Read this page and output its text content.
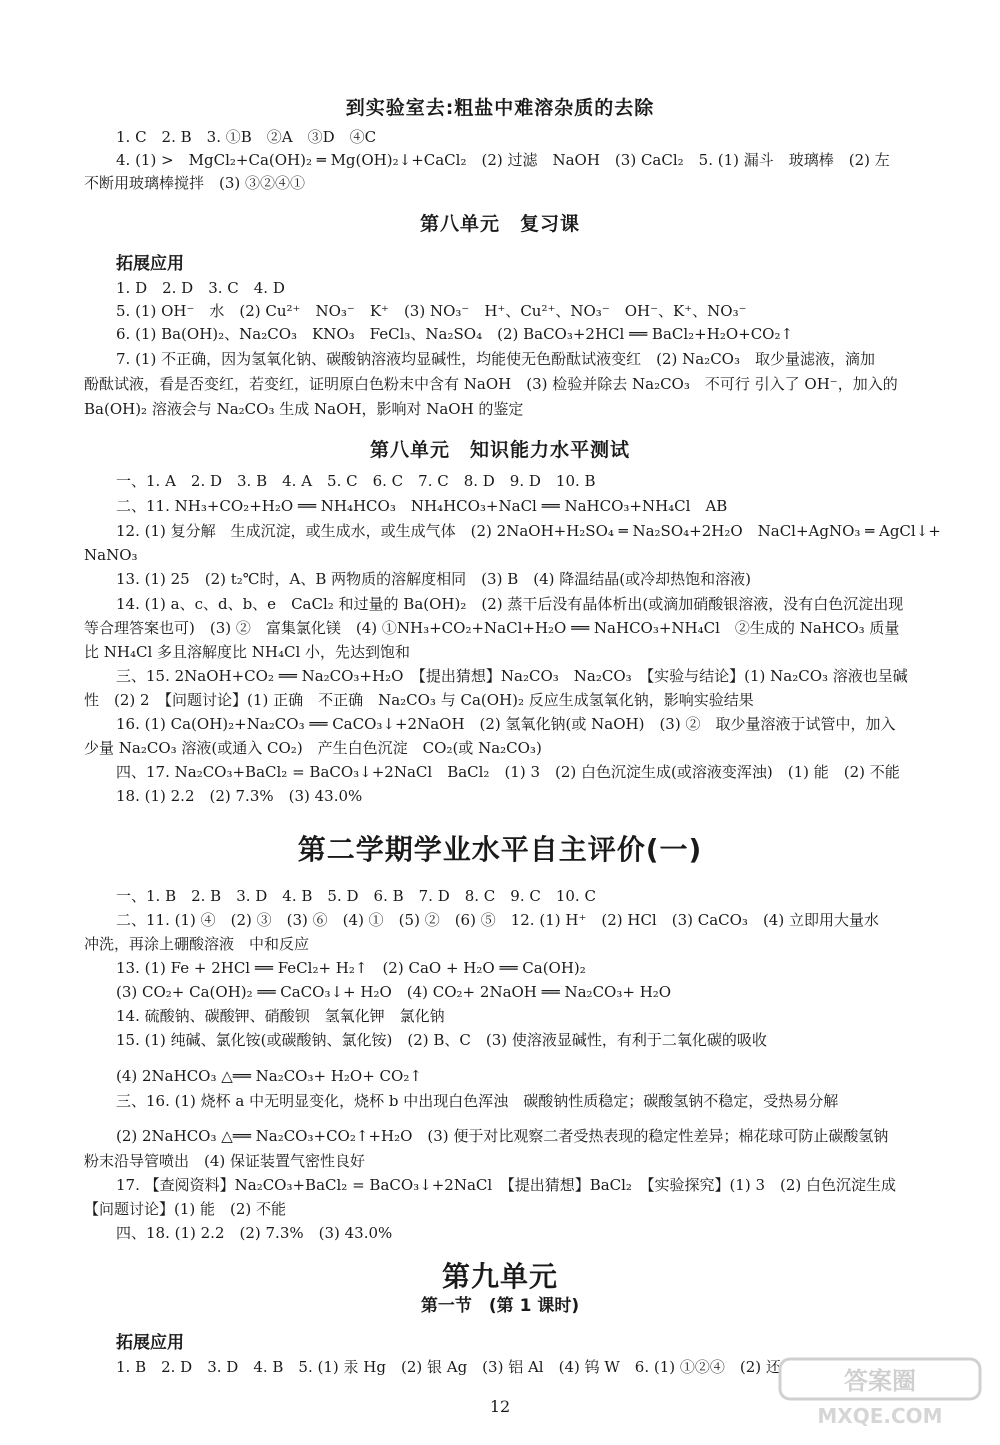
到实验室去:粗盐中难溶杂质的去除
1. C　2. B　3. ①B　②A　③D　④C
4. (1) >　MgCl₂+Ca(OH)₂ ═ Mg(OH)₂↓+CaCl₂　(2) 过滤　NaOH　(3) CaCl₂　5. (1) 漏斗　玻璃棒　(2) 左
不断用玻璃棒搅拌　(3) ③②④①
第八单元　复习课
拓展应用
1. D　2. D　3. C　4. D
5. (1) OH⁻　水　(2) Cu²⁺　NO₃⁻　K⁺　(3) NO₃⁻　H⁺、Cu²⁺、NO₃⁻　OH⁻、K⁺、NO₃⁻
6. (1) Ba(OH)₂、Na₂CO₃　KNO₃　FeCl₃、Na₂SO₄　(2) BaCO₃+2HCl ══ BaCl₂+H₂O+CO₂↑
7. (1) 不正确，因为氢氧化钠、碳酸钠溶液均显碱性，均能使无色酚酞试液变红　(2) Na₂CO₃　取少量滤液，滴加
酚酞试液，看是否变红，若变红，证明原白色粉末中含有 NaOH　(3) 检验并除去 Na₂CO₃　不可行 引入了 OH⁻，加入的
Ba(OH)₂ 溶液会与 Na₂CO₃ 生成 NaOH，影响对 NaOH 的鉴定
第八单元　知识能力水平测试
一、1. A　2. D　3. B　4. A　5. C　6. C　7. C　8. D　9. D　10. B
二、11. NH₃+CO₂+H₂O ══ NH₄HCO₃　NH₄HCO₃+NaCl ══ NaHCO₃+NH₄Cl　AB
12. (1) 复分解　生成沉淀，或生成水，或生成气体　(2) 2NaOH+H₂SO₄ ═ Na₂SO₄+2H₂O　NaCl+AgNO₃ ═ AgCl↓+
NaNO₃
13. (1) 25　(2) t₂℃时，A、B 两物质的溶解度相同　(3) B　(4) 降温结晶(或冷却热饱和溶液)
14. (1) a、c、d、b、e　CaCl₂ 和过量的 Ba(OH)₂　(2) 蒸干后没有晶体析出(或滴加硝酸银溶液，没有白色沉淀出现
等合理答案也可)　(3) ②　富集氯化镁　(4) ①NH₃+CO₂+NaCl+H₂O ══ NaHCO₃+NH₄Cl　②生成的 NaHCO₃ 质量
比 NH₄Cl 多且溶解度比 NH₄Cl 小，先达到饱和
三、15. 2NaOH+CO₂ ══ Na₂CO₃+H₂O　【提出猜想】Na₂CO₃　Na₂CO₃　【实验与结论】(1) Na₂CO₃ 溶液也呈碱
性　(2) 2　【问题讨论】(1) 正确　不正确　Na₂CO₃ 与 Ca(OH)₂ 反应生成氢氧化钠，影响实验结果
16. (1) Ca(OH)₂+Na₂CO₃ ══ CaCO₃↓+2NaOH　(2) 氢氧化钠(或 NaOH)　(3) ②　取少量溶液于试管中，加入
少量 Na₂CO₃ 溶液(或通入 CO₂)　产生白色沉淀　CO₂(或 Na₂CO₃)
四、17. Na₂CO₃+BaCl₂ = BaCO₃↓+2NaCl　BaCl₂　(1) 3　(2) 白色沉淀生成(或溶液变浑浊)　(1) 能　(2) 不能
18. (1) 2.2　(2) 7.3%　(3) 43.0%
第二学期学业水平自主评价(一)
一、1. B　2. B　3. D　4. B　5. D　6. B　7. D　8. C　9. C　10. C
二、11. (1) ④　(2) ③　(3) ⑥　(4) ①　(5) ②　(6) ⑤　12. (1) H⁺　(2) HCl　(3) CaCO₃　(4) 立即用大量水
冲洗，再涂上硼酸溶液　中和反应
13. (1) Fe + 2HCl ══ FeCl₂+ H₂↑　(2) CaO + H₂O ══ Ca(OH)₂
(3) CO₂+ Ca(OH)₂ ══ CaCO₃↓+ H₂O　(4) CO₂+ 2NaOH ══ Na₂CO₃+ H₂O
14. 硫酸钠、碳酸钾、硝酸钡　氢氧化钾　氯化钠
15. (1) 纯碱、氯化铵(或碳酸钠、氯化铵)　(2) B、C　(3) 使溶液显碱性，有利于二氧化碳的吸收
(4) 2NaHCO₃ △══ Na₂CO₃+ H₂O+ CO₂↑
三、16. (1) 烧杯 a 中无明显变化，烧杯 b 中出现白色浑浊　碳酸钠性质稳定；碳酸氢钠不稳定，受热易分解
(2) 2NaHCO₃ △══ Na₂CO₃+CO₂↑+H₂O　(3) 便于对比观察二者受热表现的稳定性差异；棉花球可防止碳酸氢钠
粉末沿导管喷出　(4) 保证装置气密性良好
17. 【查阅资料】Na₂CO₃+BaCl₂ = BaCO₃↓+2NaCl　【提出猜想】BaCl₂　【实验探究】(1) 3　(2) 白色沉淀生成
【问题讨论】(1) 能　(2) 不能
四、18. (1) 2.2　(2) 7.3%　(3) 43.0%
第九单元
第一节　(第 1 课时)
拓展应用
1. B　2. D　3. D　4. B　5. (1) 汞 Hg　(2) 银 Ag　(3) 铝 Al　(4) 钨 W　6. (1) ①②④　(2) 还
12
答案圈
MXQE.COM
